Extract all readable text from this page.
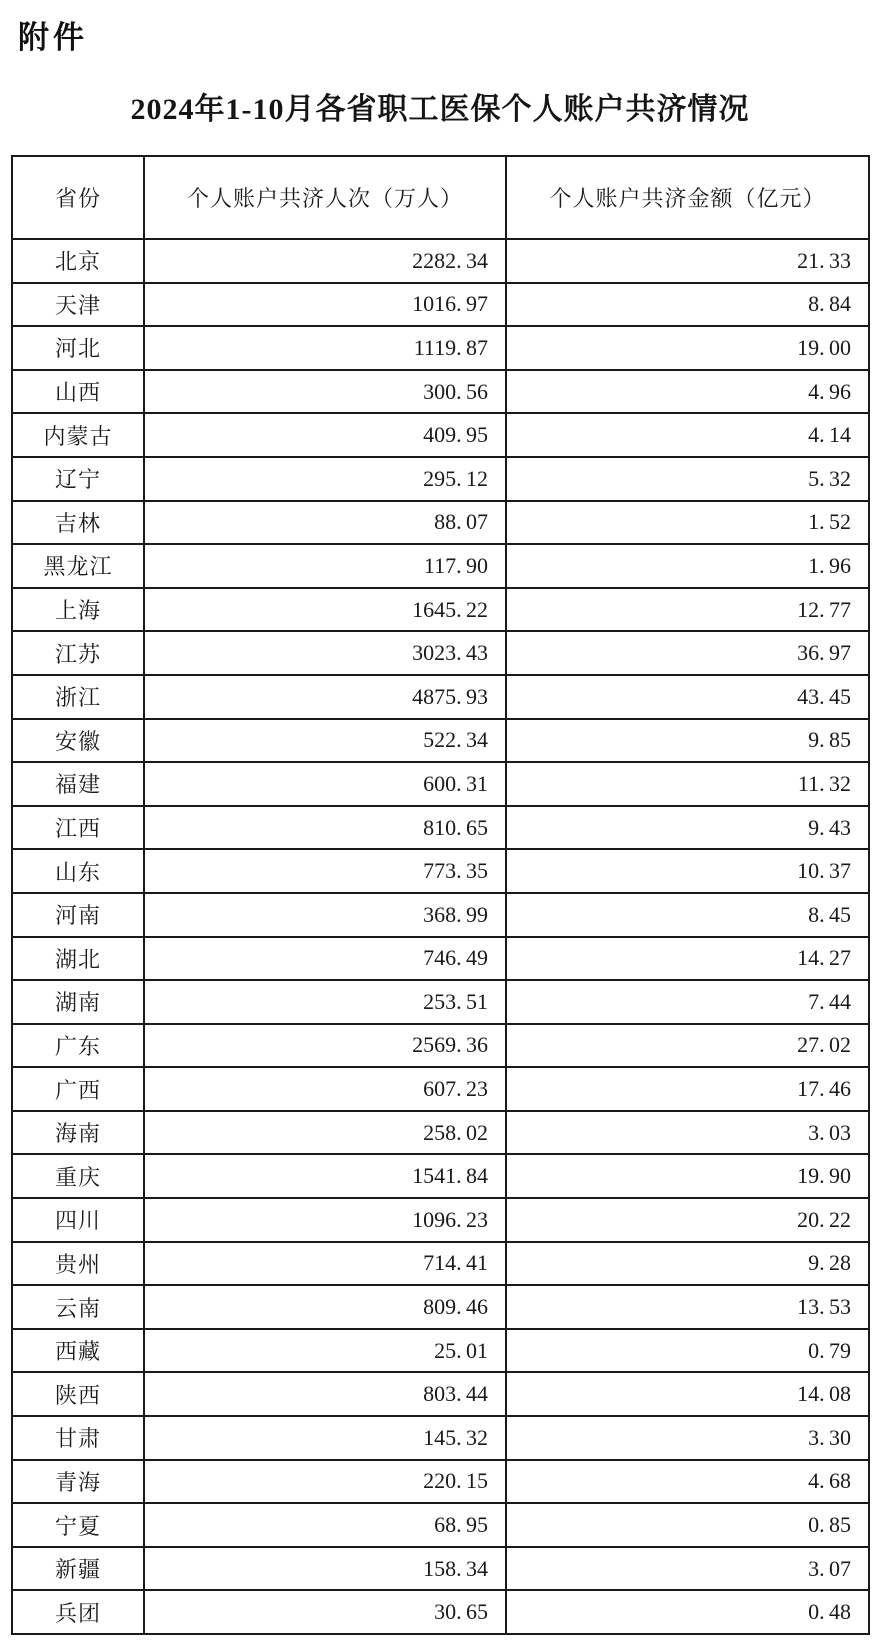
附件
2024年1-10月各省职工医保个人账户共济情况
省份	个人账户共济人次（万人）	个人账户共济金额（亿元）
北京	2282. 34	21. 33
天津	1016. 97	8. 84
河北	1119. 87	19. 00
山西	300. 56	4. 96
内蒙古	409. 95	4. 14
辽宁	295. 12	5. 32
吉林	88. 07	1. 52
黑龙江	117. 90	1. 96
上海	1645. 22	12. 77
江苏	3023. 43	36. 97
浙江	4875. 93	43. 45
安徽	522. 34	9. 85
福建	600. 31	11. 32
江西	810. 65	9. 43
山东	773. 35	10. 37
河南	368. 99	8. 45
湖北	746. 49	14. 27
湖南	253. 51	7. 44
广东	2569. 36	27. 02
广西	607. 23	17. 46
海南	258. 02	3. 03
重庆	1541. 84	19. 90
四川	1096. 23	20. 22
贵州	714. 41	9. 28
云南	809. 46	13. 53
西藏	25. 01	0. 79
陕西	803. 44	14. 08
甘肃	145. 32	3. 30
青海	220. 15	4. 68
宁夏	68. 95	0. 85
新疆	158. 34	3. 07
兵团	30. 65	0. 48
